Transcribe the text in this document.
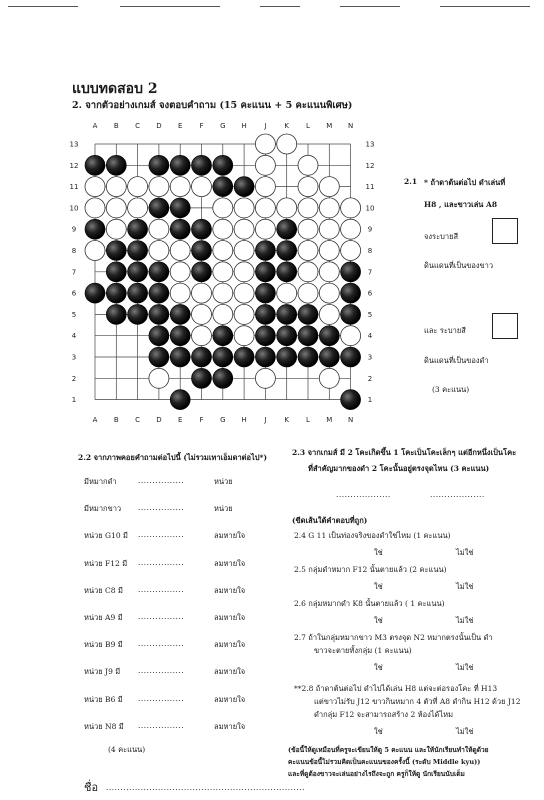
แบบทดสอบ 2
2. จากตัวอย่างเกมส์ จงตอบคำถาม (15 คะแนน + 5 คะแนนพิเศษ)
A
A
B
B
C
C
D
D
E
E
F
F
G
G
H
H
J
J
K
K
L
L
M
M
N
N
13	13
12	12
11	11
10	10
9	9
8	8
7	7
6	6
5	5
4	4
3	3
2	2
1	1
2.1 * ถ้าดาต้นต่อไป ดำเล่นที่
H8 , และขาวเล่น A8
จงระบายสี
ดินแดนที่เป็นของขาว
และ ระบายสี
ดินแดนที่เป็นของดำ
(3 คะแนน)
2.2 จากภาพคอยคำถามต่อไปนี้ (ไม่รวมเทาเอ็มดาต่อไป*)
มีหมากดำ	................	หน่วย
มีหมากขาว ................	หน่วย
หน่วย G10 มี ................	ลมหายใจ
หน่วย F12 มี ................	ลมหายใจ
หน่วย C8 มี ................	ลมหายใจ
หน่วย A9 มี ................	ลมหายใจ
หน่วย B9 มี ................	ลมหายใจ
หน่วย J9 มี ................	ลมหายใจ
หน่วย B6 มี ................	ลมหายใจ
หน่วย N8 มี ................	ลมหายใจ
(4 คะแนน)
2.3 จากเกมส์ มี 2 โคะเกิดขึ้น 1 โคะเป็นโคะเล็กๆ แต่อีกหนึ่งเป็นโคะ
ที่สำคัญมากของดำ 2 โคะนั้นอยู่ตรงจุดไหน (3 คะแนน)
...................	...................
(ขีดเส้นใต้คำตอบที่ถูก)
2.4 G 11 เป็นท่องจริงของดำใช่ไหม (1 คะแนน)
ใช่	ไม่ใช่
2.5 กลุ่มดำหมาก F12 นั้นตายแล้ว (2 คะแนน)
ใช่	ไม่ใช่
2.6 กลุ่มหมากดำ K8 นั้นตายแล้ว ( 1 คะแนน)
ใช่	ไม่ใช่
2.7 ถ้าในกลุ่มหมากขาว M3 ตรงจุด N2 หมากตรงนั้นเป็น ดำ
ขาวจะตายทั้งกลุ่ม (1 คะแนน)
ใช่	ไม่ใช่
**2.8 ถ้าดาต้นต่อไป ดำไปได้เล่น H8 แต่จะต่อรองโคะ ที่ H13
แต่ขาวไม่รับ J12 ขาวกินหมาก 4 ตัวที่ A8 ดำกิน H12 ด้วย J12
ดำกลุ่ม F12 จะสามารถสร้าง 2 ห้องได้ไหม
ใช่	ไม่ใช่
(ข้อนี้ให้ดูเหมือนที่ครูจะเขียนให้ดู 5 คะแนน และให้นักเรียนทำให้ดูด้วย
คะแนนข้อนี้ไม่รวมคิดเป็นคะแนนของครั้งนี้ (ระดับ Middle kyu))
และที่ดูต้องขาวจะเล่นอย่างไรถึงจะถูก ครูก็ให้ดู นักเรียนนับเต็ม
ชื่อ .....................................................................
